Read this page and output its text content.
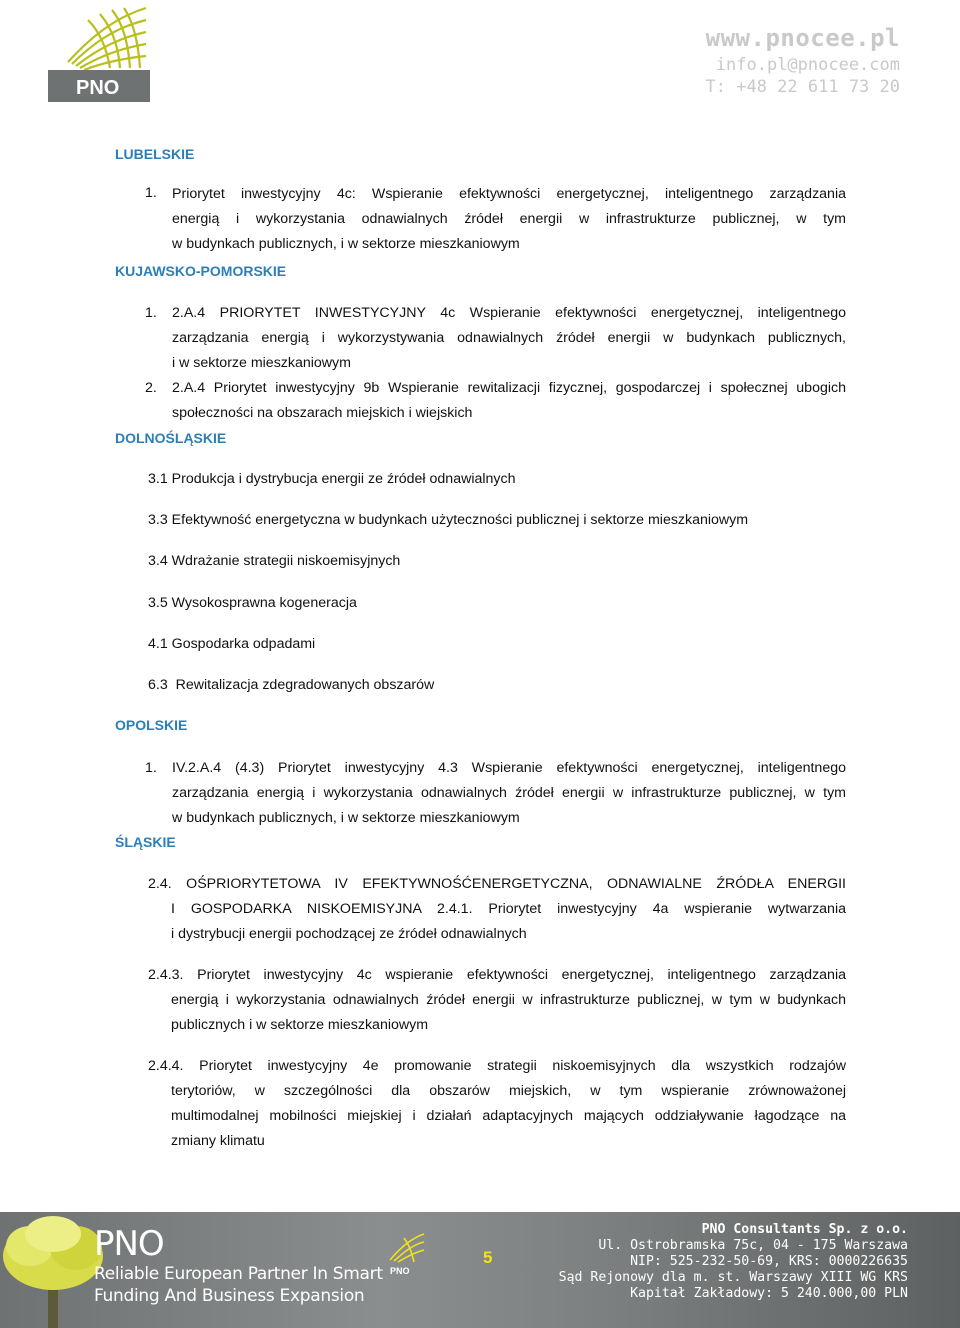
PNO
www.pnocee.pl
info.pl@pnocee.com
T: +48 22 611 73 20
LUBELSKIE
1. Priorytet inwestycyjny 4c: Wspieranie efektywności energetycznej, inteligentnego zarządzania
energią i wykorzystania odnawialnych źródeł energii w infrastrukturze publicznej, w tym
w budynkach publicznych, i w sektorze mieszkaniowym
KUJAWSKO-POMORSKIE
1. 2.A.4 PRIORYTET INWESTYCYJNY 4c Wspieranie efektywności energetycznej, inteligentnego
zarządzania energią i wykorzystywania odnawialnych źródeł energii w budynkach publicznych,
i w sektorze mieszkaniowym
2. 2.A.4 Priorytet inwestycyjny 9b Wspieranie rewitalizacji fizycznej, gospodarczej i społecznej ubogich
społeczności na obszarach miejskich i wiejskich
DOLNOŚLĄSKIE
3.1 Produkcja i dystrybucja energii ze źródeł odnawialnych
3.3 Efektywność energetyczna w budynkach użyteczności publicznej i sektorze mieszkaniowym
3.4 Wdrażanie strategii niskoemisyjnych
3.5 Wysokosprawna kogeneracja
4.1 Gospodarka odpadami
6.3  Rewitalizacja zdegradowanych obszarów
OPOLSKIE
1. IV.2.A.4 (4.3) Priorytet inwestycyjny 4.3 Wspieranie efektywności energetycznej, inteligentnego
zarządzania energią i wykorzystania odnawialnych źródeł energii w infrastrukturze publicznej, w tym
w budynkach publicznych, i w sektorze mieszkaniowym
ŚLĄSKIE
2.4. OŚPRIORYTETOWA IV EFEKTYWNOŚĆENERGETYCZNA, ODNAWIALNE ŹRÓDŁA ENERGII
I GOSPODARKA NISKOEMISYJNA 2.4.1. Priorytet inwestycyjny 4a wspieranie wytwarzania
i dystrybucji energii pochodzącej ze źródeł odnawialnych
2.4.3. Priorytet inwestycyjny 4c wspieranie efektywności energetycznej, inteligentnego zarządzania
energią i wykorzystania odnawialnych źródeł energii w infrastrukturze publicznej, w tym w budynkach
publicznych i w sektorze mieszkaniowym
2.4.4. Priorytet inwestycyjny 4e promowanie strategii niskoemisyjnych dla wszystkich rodzajów
terytoriów, w szczególności dla obszarów miejskich, w tym wspieranie zrównoważonej
multimodalnej mobilności miejskiej i działań adaptacyjnych mających oddziaływanie łagodzące na
zmiany klimatu
PNO
Reliable European Partner In Smart
Funding And Business Expansion
PNO
5
PNO Consultants Sp. z o.o.
Ul. Ostrobramska 75c, 04 - 175 Warszawa
NIP: 525-232-50-69, KRS: 0000226635
Sąd Rejonowy dla m. st. Warszawy XIII WG KRS
Kapitał Zakładowy: 5 240.000,00 PLN
